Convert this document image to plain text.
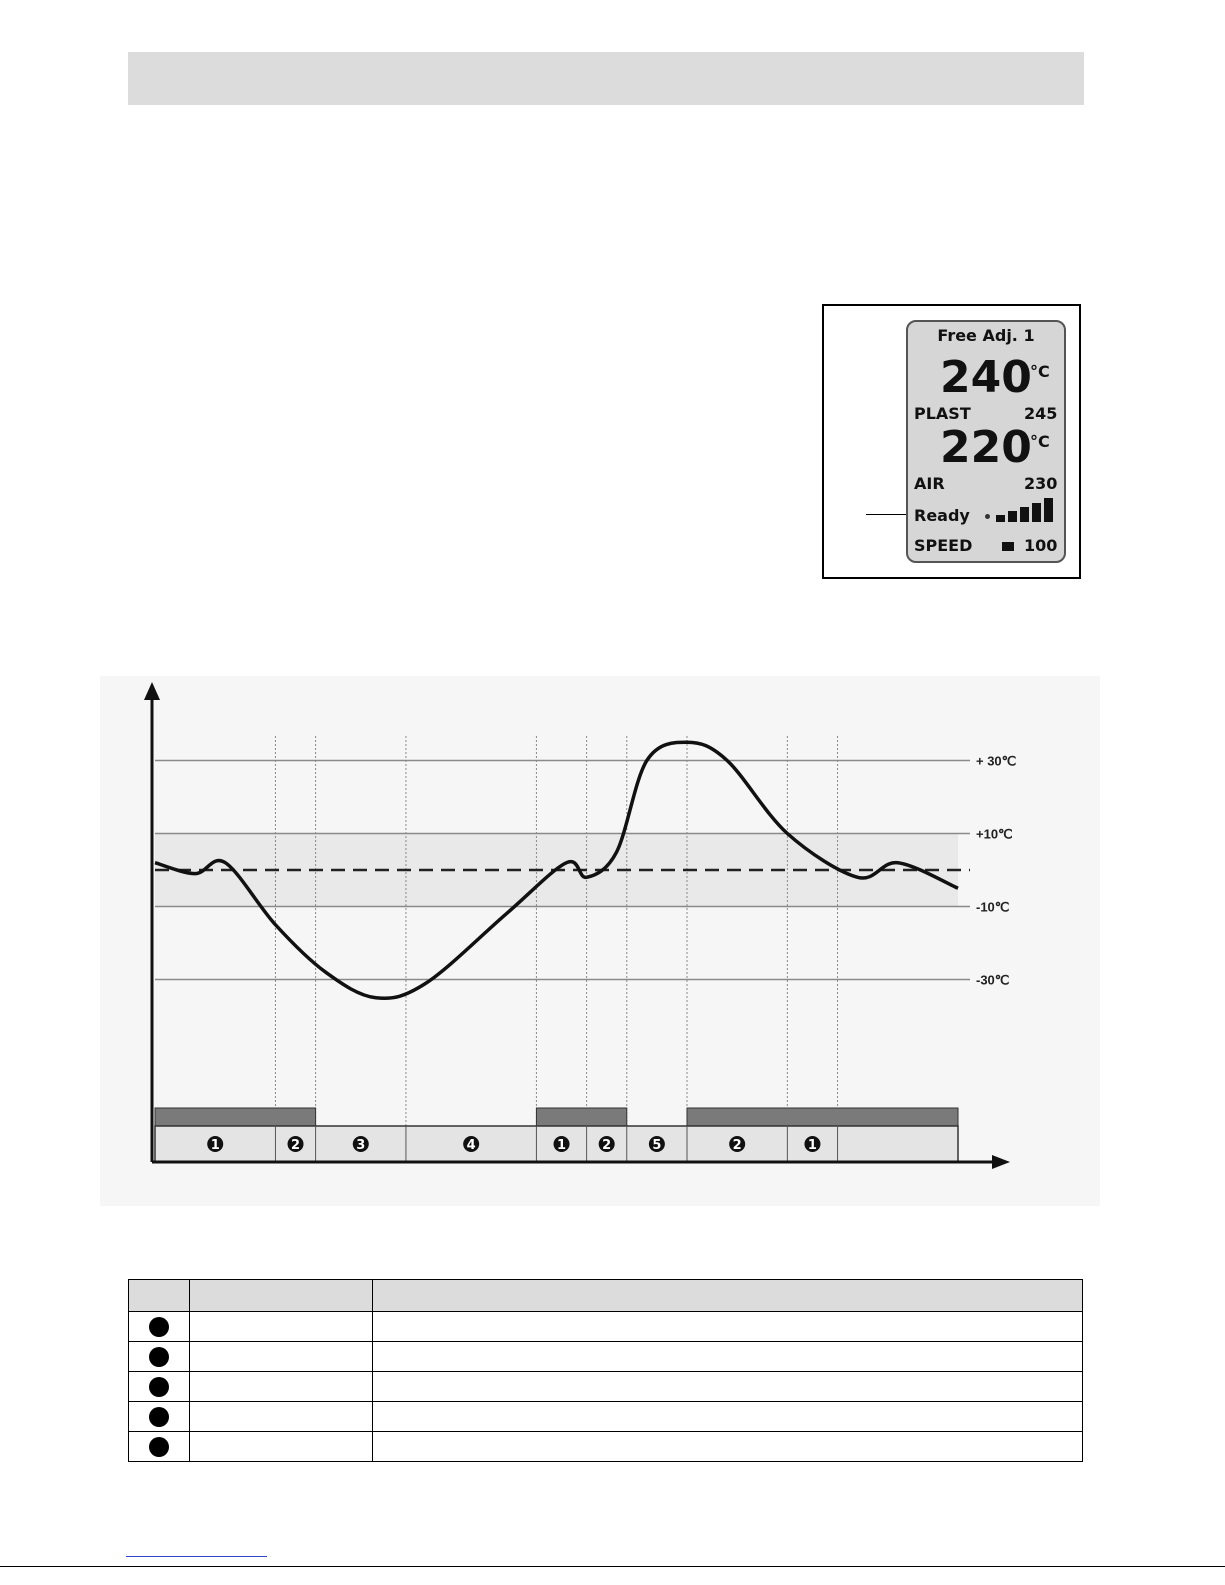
Free Adj. 1
240
°C
PLAST	245
220
°C
AIR	230
Ready
SPEED	100
+ 30℃
+10℃
-10℃
-30℃
1	2	3	4	1	2	5	2	1
